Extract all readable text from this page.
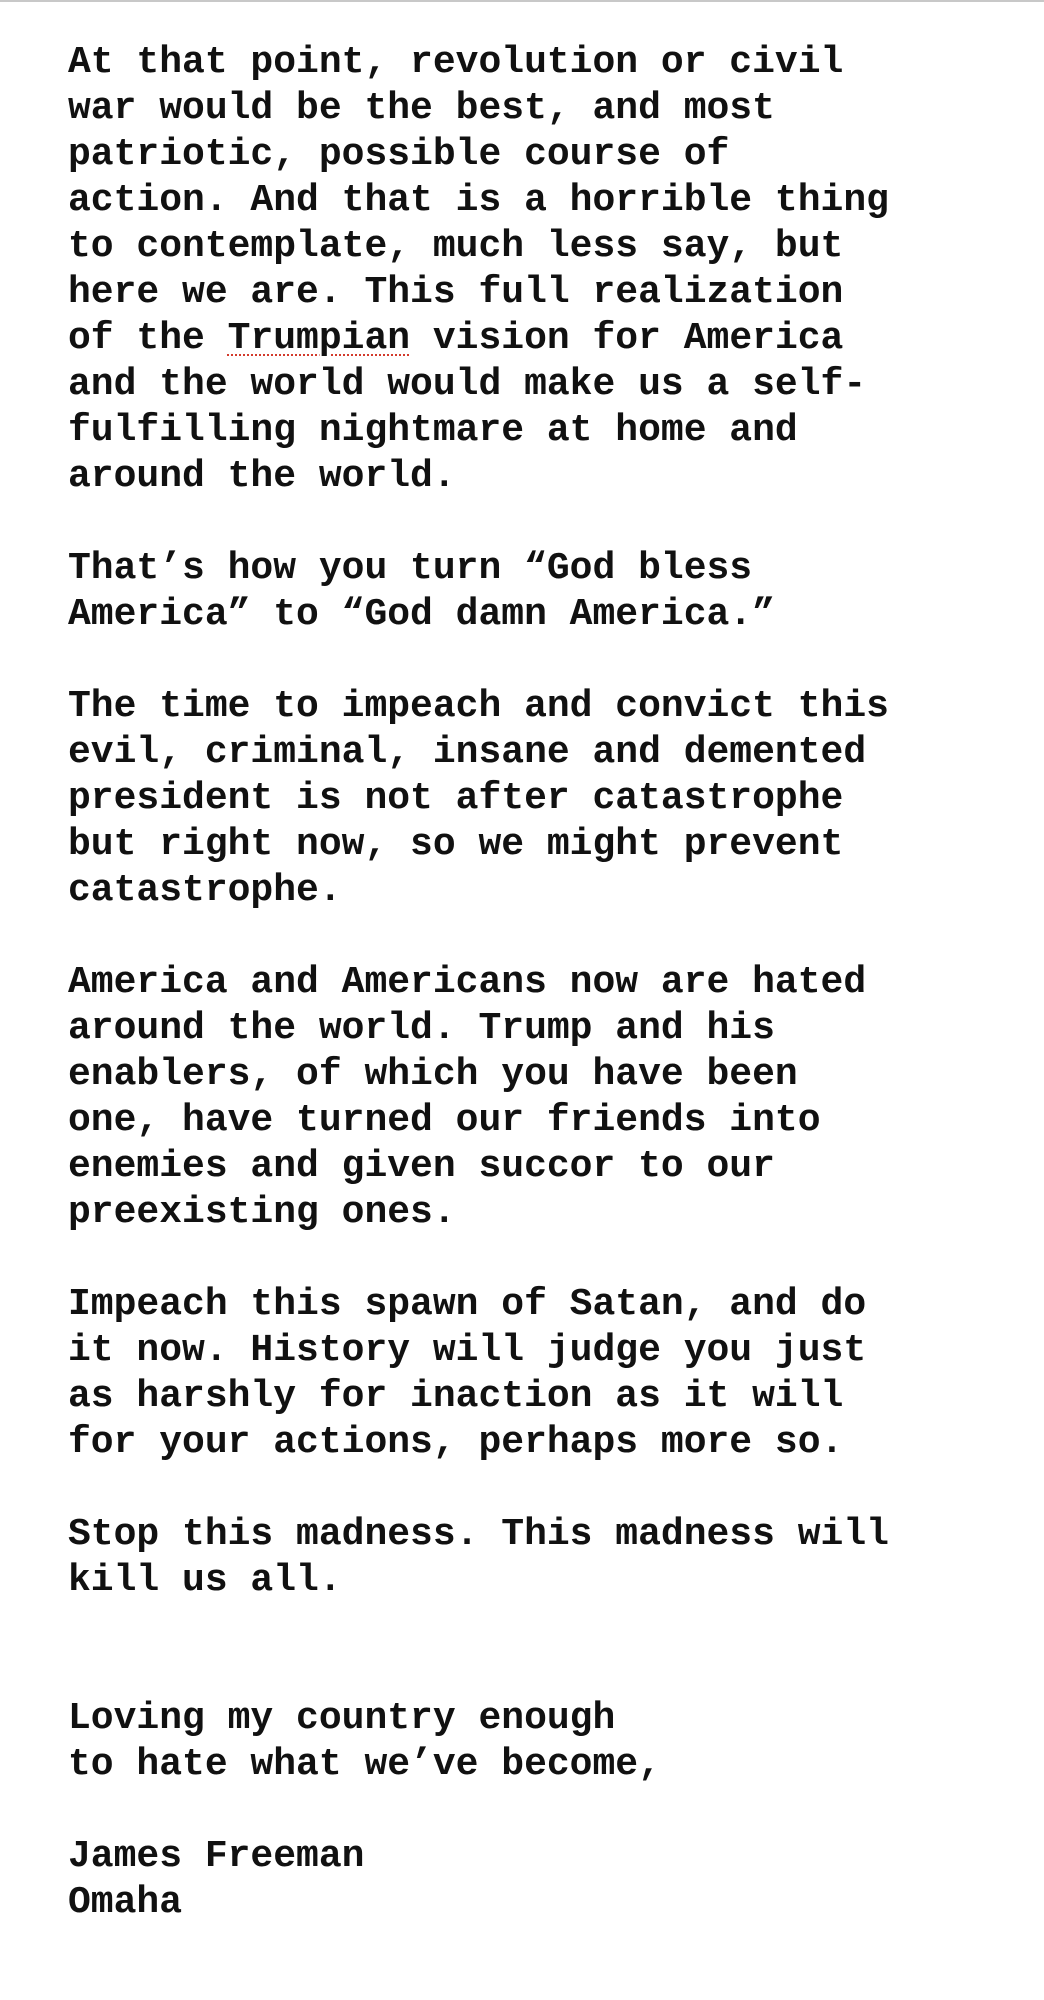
At that point, revolution or civil
war would be the best, and most
patriotic, possible course of
action. And that is a horrible thing
to contemplate, much less say, but
here we are. This full realization
of the Trumpian vision for America
and the world would make us a self-
fulfilling nightmare at home and
around the world.
That’s how you turn “God bless
America” to “God damn America.”
The time to impeach and convict this
evil, criminal, insane and demented
president is not after catastrophe
but right now, so we might prevent
catastrophe.
America and Americans now are hated
around the world. Trump and his
enablers, of which you have been
one, have turned our friends into
enemies and given succor to our
preexisting ones.
Impeach this spawn of Satan, and do
it now. History will judge you just
as harshly for inaction as it will
for your actions, perhaps more so.
Stop this madness. This madness will
kill us all.
Loving my country enough
to hate what we’ve become,
James Freeman
Omaha
